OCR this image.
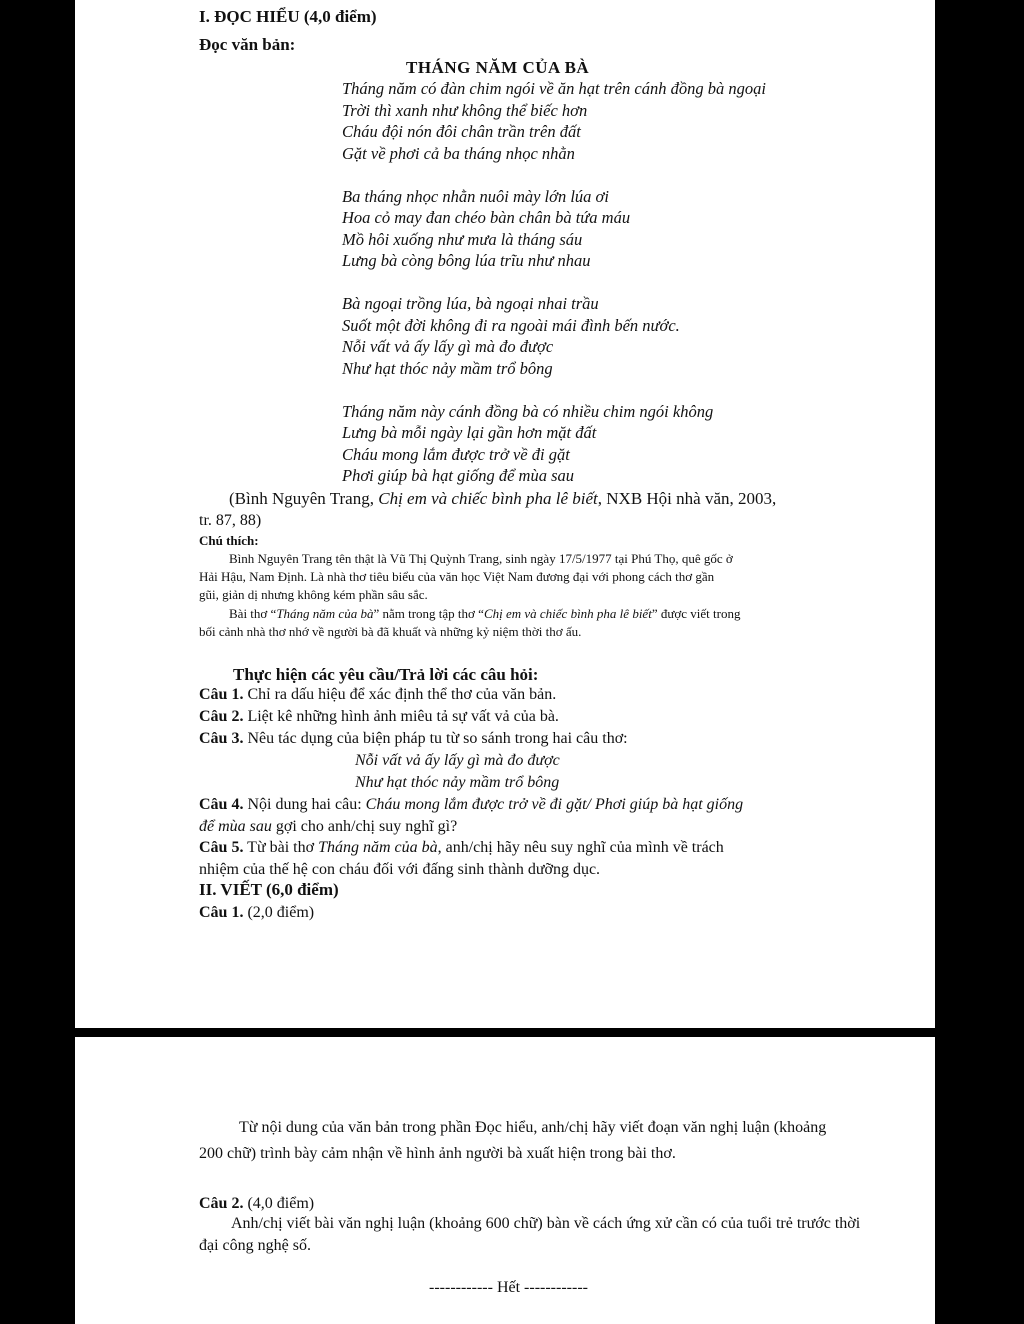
I. ĐỌC HIỂU (4,0 điểm)
Đọc văn bản:
THÁNG NĂM CỦA BÀ
Tháng năm có đàn chim ngói về ăn hạt trên cánh đồng bà ngoại
Trời thì xanh như không thể biếc hơn
Cháu đội nón đôi chân trần trên đất
Gặt về phơi cả ba tháng nhọc nhằn
Ba tháng nhọc nhằn nuôi mày lớn lúa ơi
Hoa cỏ may đan chéo bàn chân bà tứa máu
Mồ hôi xuống như mưa là tháng sáu
Lưng bà còng bông lúa trĩu như nhau
Bà ngoại trồng lúa, bà ngoại nhai trầu
Suốt một đời không đi ra ngoài mái đình bến nước.
Nỗi vất vả ấy lấy gì mà đo được
Như hạt thóc nảy mầm trổ bông
Tháng năm này cánh đồng bà có nhiều chim ngói không
Lưng bà mỗi ngày lại gần hơn mặt đất
Cháu mong lắm được trở về đi gặt
Phơi giúp bà hạt giống để mùa sau
(Bình Nguyên Trang, Chị em và chiếc bình pha lê biết, NXB Hội nhà văn, 2003,
tr. 87, 88)
Chú thích:
Bình Nguyên Trang tên thật là Vũ Thị Quỳnh Trang, sinh ngày 17/5/1977 tại Phú Thọ, quê gốc ở
Hải Hậu, Nam Định. Là nhà thơ tiêu biểu của văn học Việt Nam đương đại với phong cách thơ gần
gũi, giản dị nhưng không kém phần sâu sắc.
Bài thơ “Tháng năm của bà” nằm trong tập thơ “Chị em và chiếc bình pha lê biết” được viết trong
bối cảnh nhà thơ nhớ về người bà đã khuất và những kỷ niệm thời thơ ấu.
Thực hiện các yêu cầu/Trả lời các câu hỏi:
Câu 1. Chỉ ra dấu hiệu để xác định thể thơ của văn bản.
Câu 2. Liệt kê những hình ảnh miêu tả sự vất vả của bà.
Câu 3. Nêu tác dụng của biện pháp tu từ so sánh trong hai câu thơ:
Nỗi vất vả ấy lấy gì mà đo được
Như hạt thóc nảy mầm trổ bông
Câu 4. Nội dung hai câu: Cháu mong lắm được trở về đi gặt/ Phơi giúp bà hạt giống
để mùa sau gợi cho anh/chị suy nghĩ gì?
Câu 5. Từ bài thơ Tháng năm của bà, anh/chị hãy nêu suy nghĩ của mình về trách
nhiệm của thế hệ con cháu đối với đấng sinh thành dưỡng dục.
II. VIẾT (6,0 điểm)
Câu 1. (2,0 điểm)
Từ nội dung của văn bản trong phần Đọc hiểu, anh/chị hãy viết đoạn văn nghị luận (khoảng 200 chữ) trình bày cảm nhận về hình ảnh người bà xuất hiện trong bài thơ.
Câu 2. (4,0 điểm)
Anh/chị viết bài văn nghị luận (khoảng 600 chữ) bàn về cách ứng xử cần có của tuổi trẻ trước thời đại công nghệ số.
------------ Hết ------------
